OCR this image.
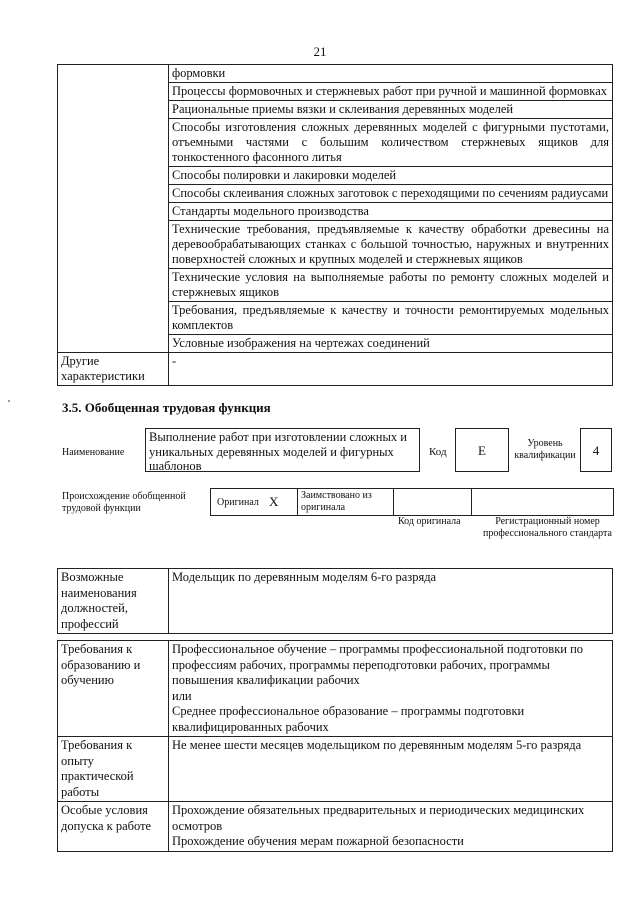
21
	формовки
	Процессы формовочных и стержневых работ при ручной и машинной формовках
	Рациональные приемы вязки и склеивания деревянных моделей
	Способы изготовления сложных деревянных моделей с фигурными пустотами, отъемными частями с большим количеством стержневых ящиков для тонкостенного фасонного литья
	Способы полировки и лакировки моделей
	Способы склеивания сложных заготовок с переходящими по сечениям радиусами
	Стандарты модельного производства
	Технические требования, предъявляемые к качеству обработки древесины на деревообрабатывающих станках с большой точностью, наружных и внутренних поверхностей сложных и крупных моделей и стержневых ящиков
	Технические условия на выполняемые работы по ремонту сложных моделей и стержневых ящиков
	Требования, предъявляемые к качеству и точности ремонтируемых модельных комплектов
	Условные изображения на чертежах соединений
Другие характеристики	-
3.5. Обобщенная трудовая функция
Наименование
Выполнение работ при изготовлении сложных и уникальных деревянных моделей и фигурных шаблонов
Код	Е	Уровень квалификации	4
Происхождение обобщенной трудовой функции
Оригинал Х Заимствовано из оригинала
Код оригинала	Регистрационный номер профессионального стандарта
Возможные наименования должностей, профессий	Модельщик по деревянным моделям 6-го разряда
Требования к образованию и обучению	Профессиональное обучение – программы профессиональной подготовки по профессиям рабочих, программы переподготовки рабочих, программы повышения квалификации рабочих
или
Среднее профессиональное образование – программы подготовки квалифицированных рабочих

Требования к опыту практической работы	Не менее шести месяцев модельщиком по деревянным моделям 5-го разряда

Особые условия допуска к работе	Прохождение обязательных предварительных и периодических медицинских осмотров
Прохождение обучения мерам пожарной безопасности
